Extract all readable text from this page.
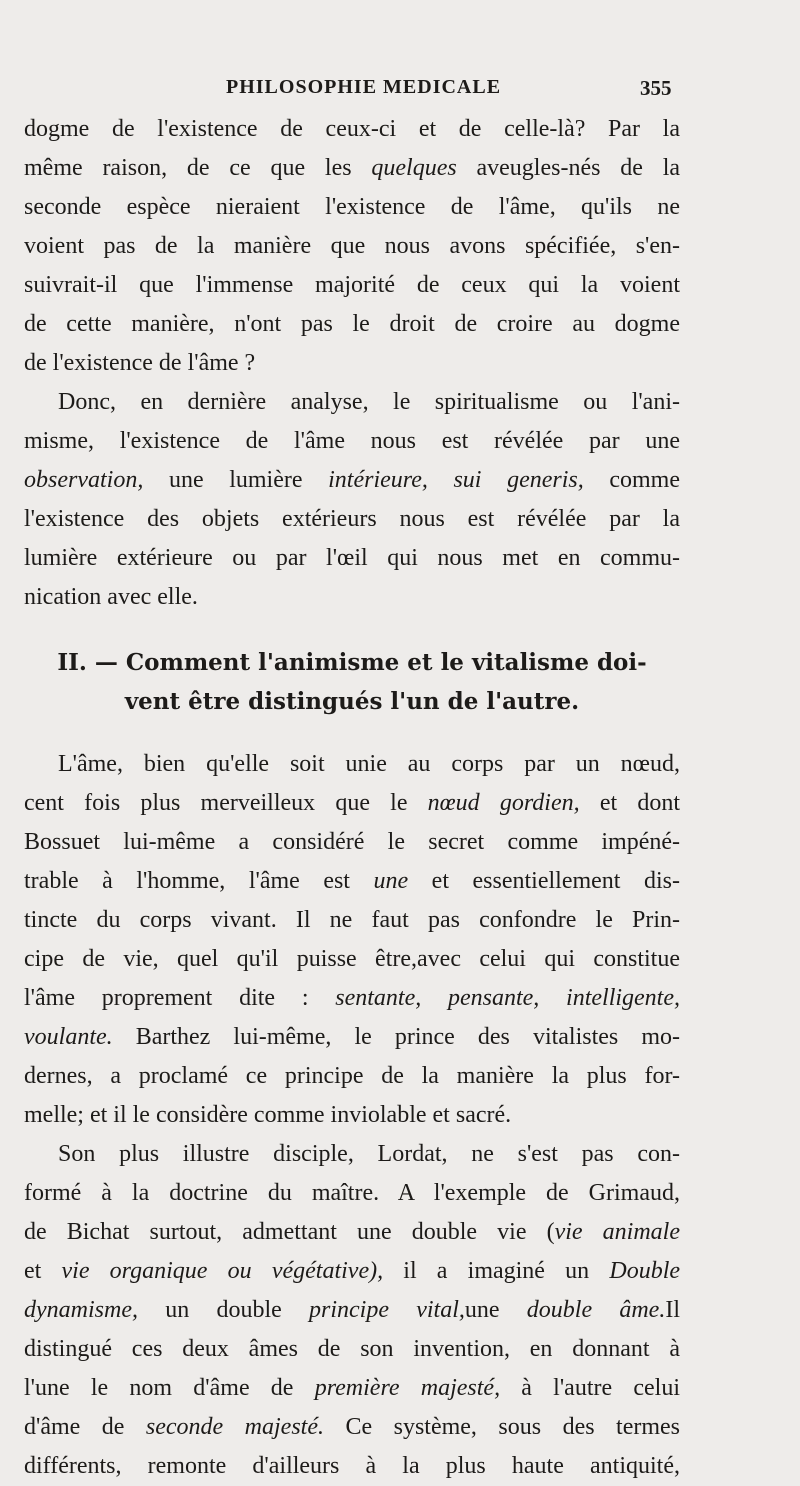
PHILOSOPHIE MEDICALE	355
dogme de l'existence de ceux-ci et de celle-là? Par la
même raison, de ce que les quelques aveugles-nés de la
seconde espèce nieraient l'existence de l'âme, qu'ils ne
voient pas de la manière que nous avons spécifiée, s'en-
suivrait-il que l'immense majorité de ceux qui la voient
de cette manière, n'ont pas le droit de croire au dogme
de l'existence de l'âme ?
Donc, en dernière analyse, le spiritualisme ou l'ani-
misme, l'existence de l'âme nous est révélée par une
observation, une lumière intérieure, sui generis, comme
l'existence des objets extérieurs nous est révélée par la
lumière extérieure ou par l'œil qui nous met en commu-
nication avec elle.
II. — Comment l'animisme et le vitalisme doi-
vent être distingués l'un de l'autre.
L'âme, bien qu'elle soit unie au corps par un nœud,
cent fois plus merveilleux que le nœud gordien, et dont
Bossuet lui-même a considéré le secret comme impéné-
trable à l'homme, l'âme est une et essentiellement dis-
tincte du corps vivant. Il ne faut pas confondre le Prin-
cipe de vie, quel qu'il puisse être,avec celui qui constitue
l'âme proprement dite : sentante, pensante, intelligente,
voulante. Barthez lui-même, le prince des vitalistes mo-
dernes, a proclamé ce principe de la manière la plus for-
melle; et il le considère comme inviolable et sacré.
Son plus illustre disciple, Lordat, ne s'est pas con-
formé à la doctrine du maître. A l'exemple de Grimaud,
de Bichat surtout, admettant une double vie (vie animale
et vie organique ou végétative), il a imaginé un Double
dynamisme, un double principe vital,une double âme.Il
distingué ces deux âmes de son invention, en donnant à
l'une le nom d'âme de première majesté, à l'autre celui
d'âme de seconde majesté. Ce système, sous des termes
différents, remonte d'ailleurs à la plus haute antiquité,
